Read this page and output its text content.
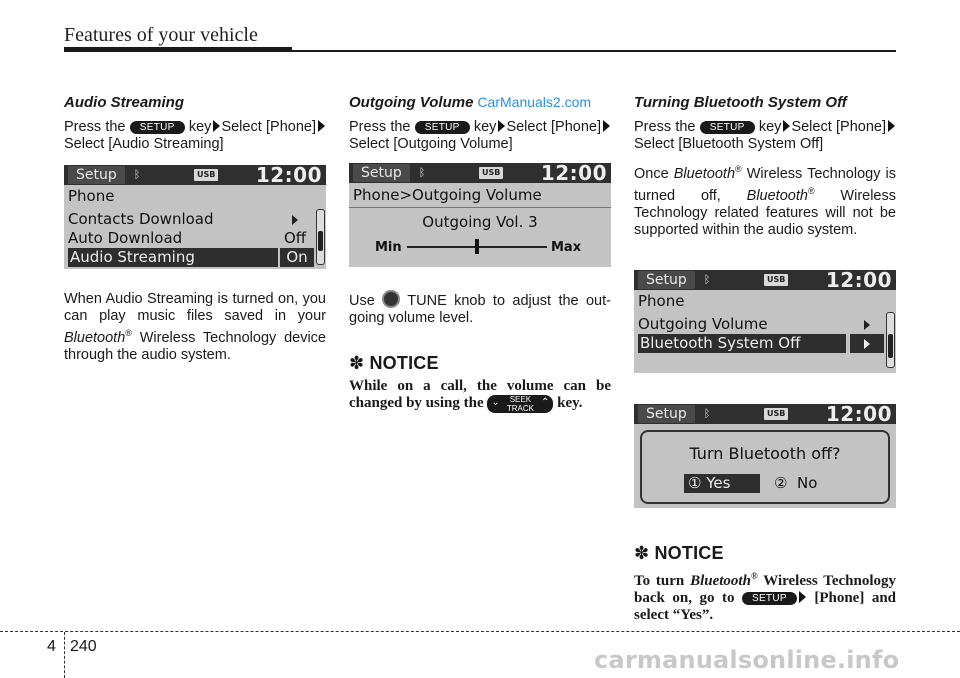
Features of your vehicle
Audio Streaming

Press the SETUP key Select [Phone]Select [Audio Streaming]

Setup	ᛒ	USB 12:00
Phone
Contacts Download
Auto Download	Off
Audio Streaming	On

When Audio Streaming is turned on, you can play music files saved in your Bluetooth® Wireless Technology device through the audio system.

Outgoing Volume CarManuals2.com

Press the SETUP key Select [Phone]Select [Outgoing Volume]

Setup	ᛒ	USB 12:00
Phone>Outgoing Volume
Outgoing Vol. 3
Min	Max

Use TUNE knob to adjust the out-going volume level.

✽ NOTICE
While on a call, the volume can be changed by using the ⌄	SEEK
TRACK
⌃ key.
Turning Bluetooth System Off

Press the SETUP key Select [Phone]Select [Bluetooth System Off]

Once Bluetooth® Wireless Technology is turned off, Bluetooth® Wireless Technology related features will not be supported within the audio system.

Setup	ᛒ	USB 12:00
Phone
Outgoing Volume
Bluetooth System Off
Setup	ᛒ	USB 12:00
Turn Bluetooth off?
① Yes	② No
✽ NOTICE
To turn Bluetooth® Wireless Technology back on, go to SETUP [Phone] and select “Yes”.
4 240	carmanualsonline.info
